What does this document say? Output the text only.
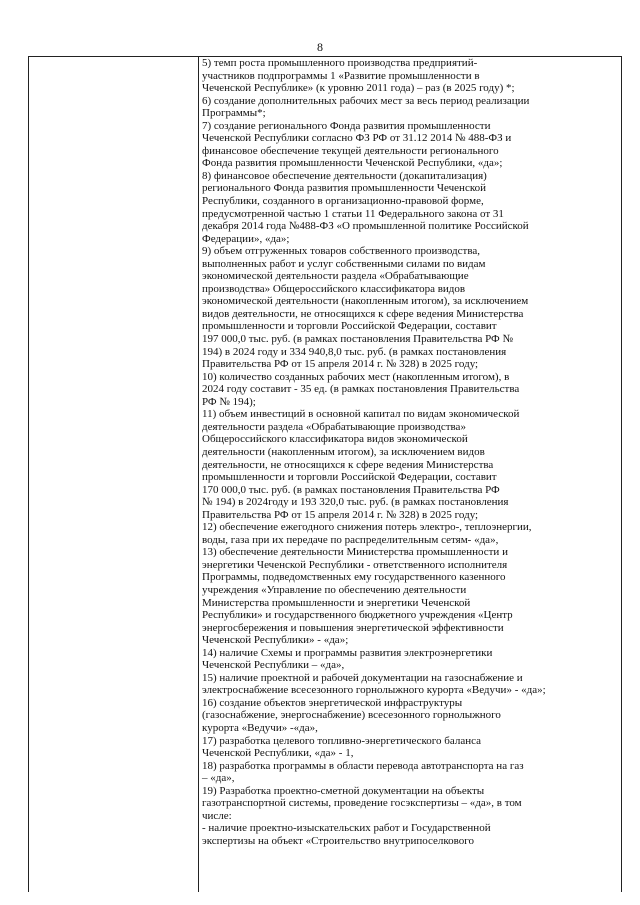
8
5) темп роста промышленного производства предприятий-
участников подпрограммы 1 «Развитие промышленности в
Чеченской Республике» (к уровню 2011 года) – раз (в 2025 году) *;
6) создание дополнительных рабочих мест за весь период реализации
Программы*;
7) создание регионального Фонда развития промышленности
Чеченской Республики согласно ФЗ РФ от 31.12 2014 № 488-ФЗ и
финансовое обеспечение текущей деятельности регионального
Фонда развития промышленности Чеченской Республики, «да»;
8) финансовое обеспечение деятельности (докапитализация)
регионального Фонда развития промышленности Чеченской
Республики, созданного в организационно-правовой форме,
предусмотренной частью 1 статьи 11 Федерального закона от 31
декабря 2014 года №488-ФЗ «О промышленной политике Российской
Федерации», «да»;
9) объем отгруженных товаров собственного производства,
выполненных работ и услуг собственными силами по видам
экономической деятельности раздела «Обрабатывающие
производства» Общероссийского классификатора видов
экономической деятельности (накопленным итогом), за исключением
видов деятельности, не относящихся к сфере ведения Министерства
промышленности и торговли Российской Федерации, составит
197 000,0 тыс. руб. (в рамках постановления Правительства РФ №
194) в 2024 году и 334 940,8,0 тыс. руб. (в рамках постановления
Правительства РФ от 15 апреля 2014 г. № 328) в 2025 году;
10) количество созданных рабочих мест (накопленным итогом), в
2024 году составит - 35 ед. (в рамках постановления Правительства
РФ № 194);
11) объем инвестиций в основной капитал по видам экономической
деятельности раздела «Обрабатывающие производства»
Общероссийского классификатора видов экономической
деятельности (накопленным итогом), за исключением видов
деятельности, не относящихся к сфере ведения Министерства
промышленности и торговли Российской Федерации, составит
170 000,0 тыс. руб. (в рамках постановления Правительства РФ
№ 194) в 2024году и 193 320,0 тыс. руб. (в рамках постановления
Правительства РФ от 15 апреля 2014 г. № 328) в 2025 году;
12) обеспечение ежегодного снижения потерь электро-, теплоэнергии,
воды, газа при их передаче по распределительным сетям- «да»,
13) обеспечение деятельности Министерства промышленности и
энергетики Чеченской Республики - ответственного исполнителя
Программы, подведомственных ему государственного казенного
учреждения «Управление по обеспечению деятельности
Министерства промышленности и энергетики Чеченской
Республики» и государственного бюджетного учреждения «Центр
энергосбережения и повышения энергетической эффективности
Чеченской Республики» - «да»;
14) наличие Схемы и программы развития электроэнергетики
Чеченской Республики – «да»,
15) наличие проектной и рабочей документации на газоснабжение и
электроснабжение всесезонного горнолыжного курорта «Ведучи» - «да»;
16) создание объектов энергетической инфраструктуры
(газоснабжение, энергоснабжение) всесезонного горнолыжного
курорта «Ведучи» -«да»,
17) разработка целевого топливно-энергетического баланса
Чеченской Республики, «да» - 1,
18) разработка программы в области перевода автотранспорта на газ
– «да»,
19) Разработка проектно-сметной документации на объекты
газотранспортной системы, проведение госэкспертизы – «да», в том
числе:
- наличие проектно-изыскательских работ и Государственной
экспертизы на объект «Строительство внутрипоселкового
